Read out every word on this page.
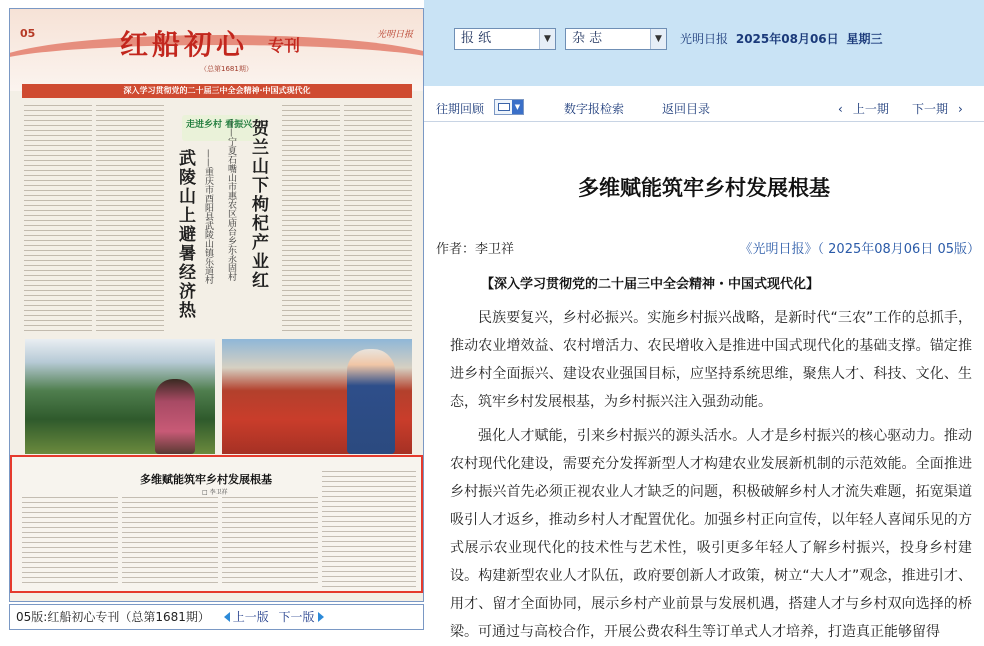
05	红船初心 专刊
（总第1681期）
光明日报
深入学习贯彻党的二十届三中全会精神·中国式现代化
走进乡村 看振兴
武陵山上避暑经济热 ——重庆市酉阳县武陵山镇乐道村 贺兰山下枸杞产业红
——宁夏石嘴山市惠农区庙台乡东永固村
多维赋能筑牢乡村发展根基
□ 李卫祥
05版:红船初心专刊（总第1681期） 上一版 下一版
报 纸	▼	杂 志	▼	光明日报 2025年08月06日 星期三
往期回顾	▼	数字报检索	返回目录	‹ 上一期 下一期 ›
多维赋能筑牢乡村发展根基
作者：李卫祥	《光明日报》（ 2025年08月06日 05版）
【深入学习贯彻党的二十届三中全会精神・中国式现代化】
民族要复兴，乡村必振兴。实施乡村振兴战略，是新时代“三农”工作的总抓手，推动农业增效益、农村增活力、农民增收入是推进中国式现代化的基础支撑。锚定推进乡村全面振兴、建设农业强国目标，应坚持系统思维，聚焦人才、科技、文化、生态，筑牢乡村发展根基，为乡村振兴注入强劲动能。
强化人才赋能，引来乡村振兴的源头活水。人才是乡村振兴的核心驱动力。推动农村现代化建设，需要充分发挥新型人才构建农业发展新机制的示范效能。全面推进乡村振兴首先必须正视农业人才缺乏的问题，积极破解乡村人才流失难题，拓宽渠道吸引人才返乡，推动乡村人才配置优化。加强乡村正向宣传，以年轻人喜闻乐见的方式展示农业现代化的技术性与艺术性，吸引更多年轻人了解乡村振兴，投身乡村建设。构建新型农业人才队伍，政府要创新人才政策，树立“大人才”观念，推进引才、用才、留才全面协同，展示乡村产业前景与发展机遇，搭建人才与乡村双向选择的桥梁。可通过与高校合作，开展公费农科生等订单式人才培养，打造真正能够留得
